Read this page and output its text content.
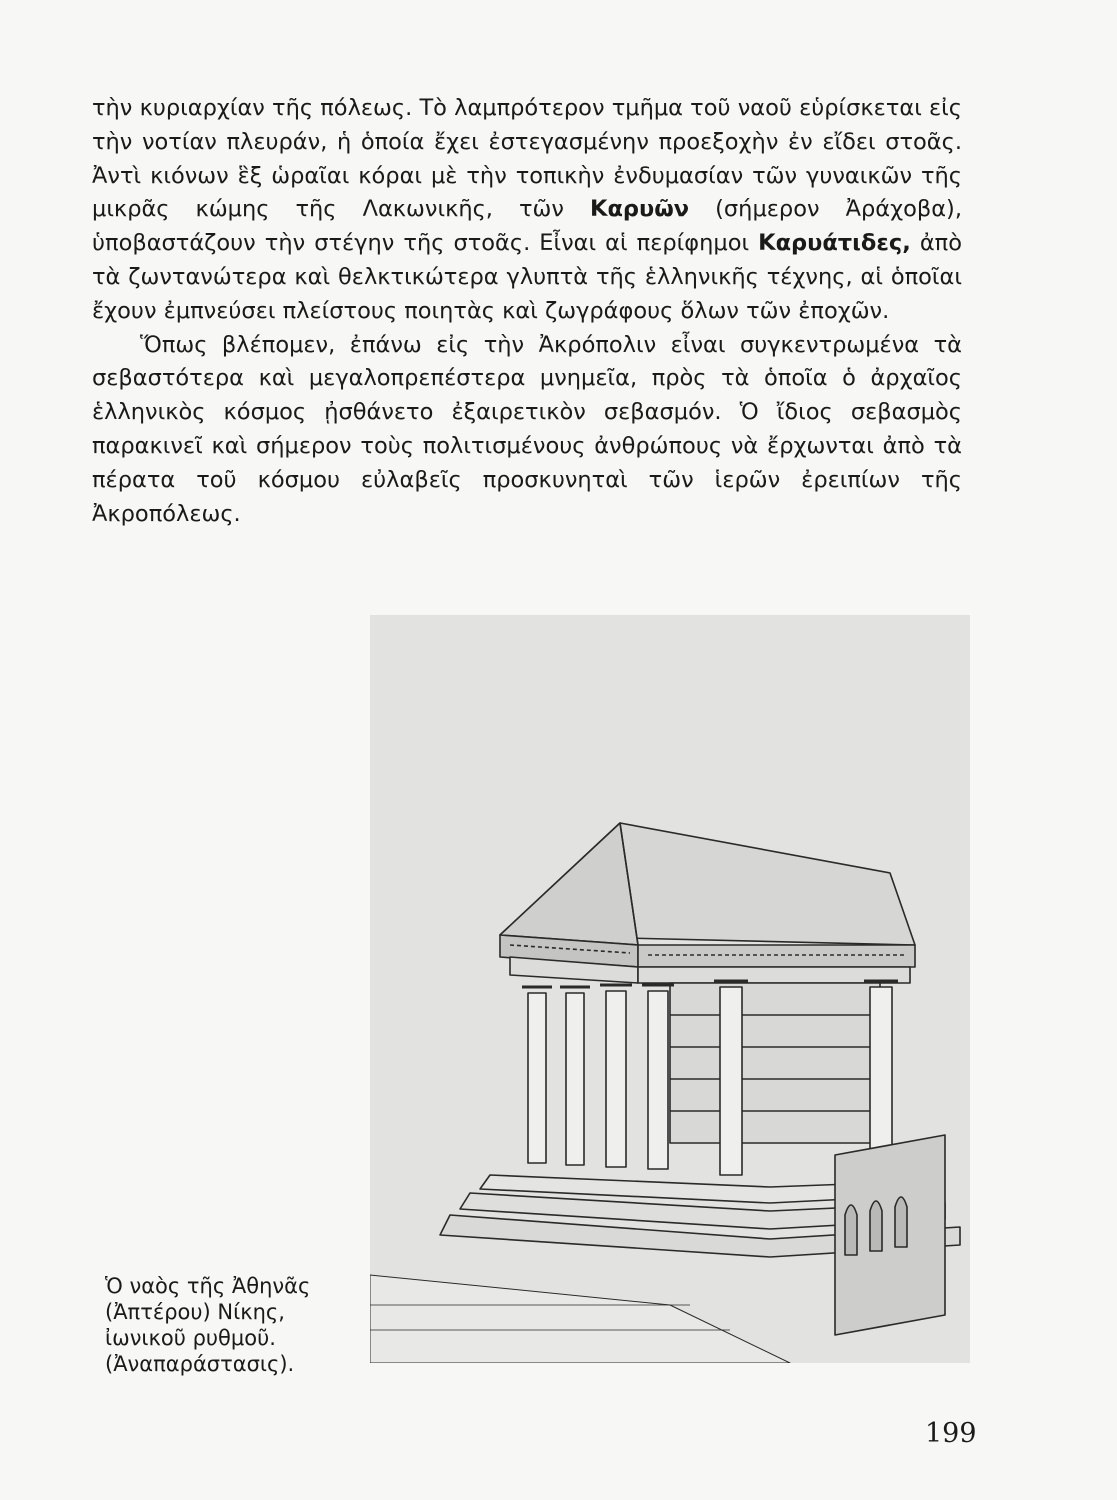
τὴν κυριαρχίαν τῆς πόλεως. Τὸ λαμπρότερον τμῆμα τοῦ ναοῦ εὑρίσκεται εἰς τὴν νοτίαν πλευράν, ἡ ὁποία ἔχει ἐστεγασμένην προεξοχὴν ἐν εἴδει στοᾶς. Ἀντὶ κιόνων ἓξ ὡραῖαι κόραι μὲ τὴν τοπικὴν ἐνδυμασίαν τῶν γυναικῶν τῆς μικρᾶς κώμης τῆς Λακωνικῆς, τῶν Καρυῶν (σήμερον Ἀράχοβα), ὑποβαστάζουν τὴν στέγην τῆς στοᾶς. Εἶναι αἱ περίφημοι Καρυάτιδες, ἀπὸ τὰ ζωντανώτερα καὶ θελκτικώτερα γλυπτὰ τῆς ἑλληνικῆς τέχνης, αἱ ὁποῖαι ἔχουν ἐμπνεύσει πλείστους ποιητὰς καὶ ζωγράφους ὅλων τῶν ἐποχῶν.

Ὅπως βλέπομεν, ἐπάνω εἰς τὴν Ἀκρόπολιν εἶναι συγκεντρωμένα τὰ σεβαστότερα καὶ μεγαλοπρεπέστερα μνημεῖα, πρὸς τὰ ὁποῖα ὁ ἀρχαῖος ἑλληνικὸς κόσμος ᾐσθάνετο ἐξαιρετικὸν σεβασμόν. Ὁ ἴδιος σεβασμὸς παρακινεῖ καὶ σήμερον τοὺς πολιτισμένους ἀνθρώπους νὰ ἔρχωνται ἀπὸ τὰ πέρατα τοῦ κόσμου εὐλαβεῖς προσκυνηταὶ τῶν ἱερῶν ἐρειπίων τῆς Ἀκροπόλεως.

Ὁ ναὸς τῆς Ἀθηνᾶς
(Ἀπτέρου) Νίκης,
ἰωνικοῦ ρυθμοῦ.
(Ἀναπαράστασις).
199
